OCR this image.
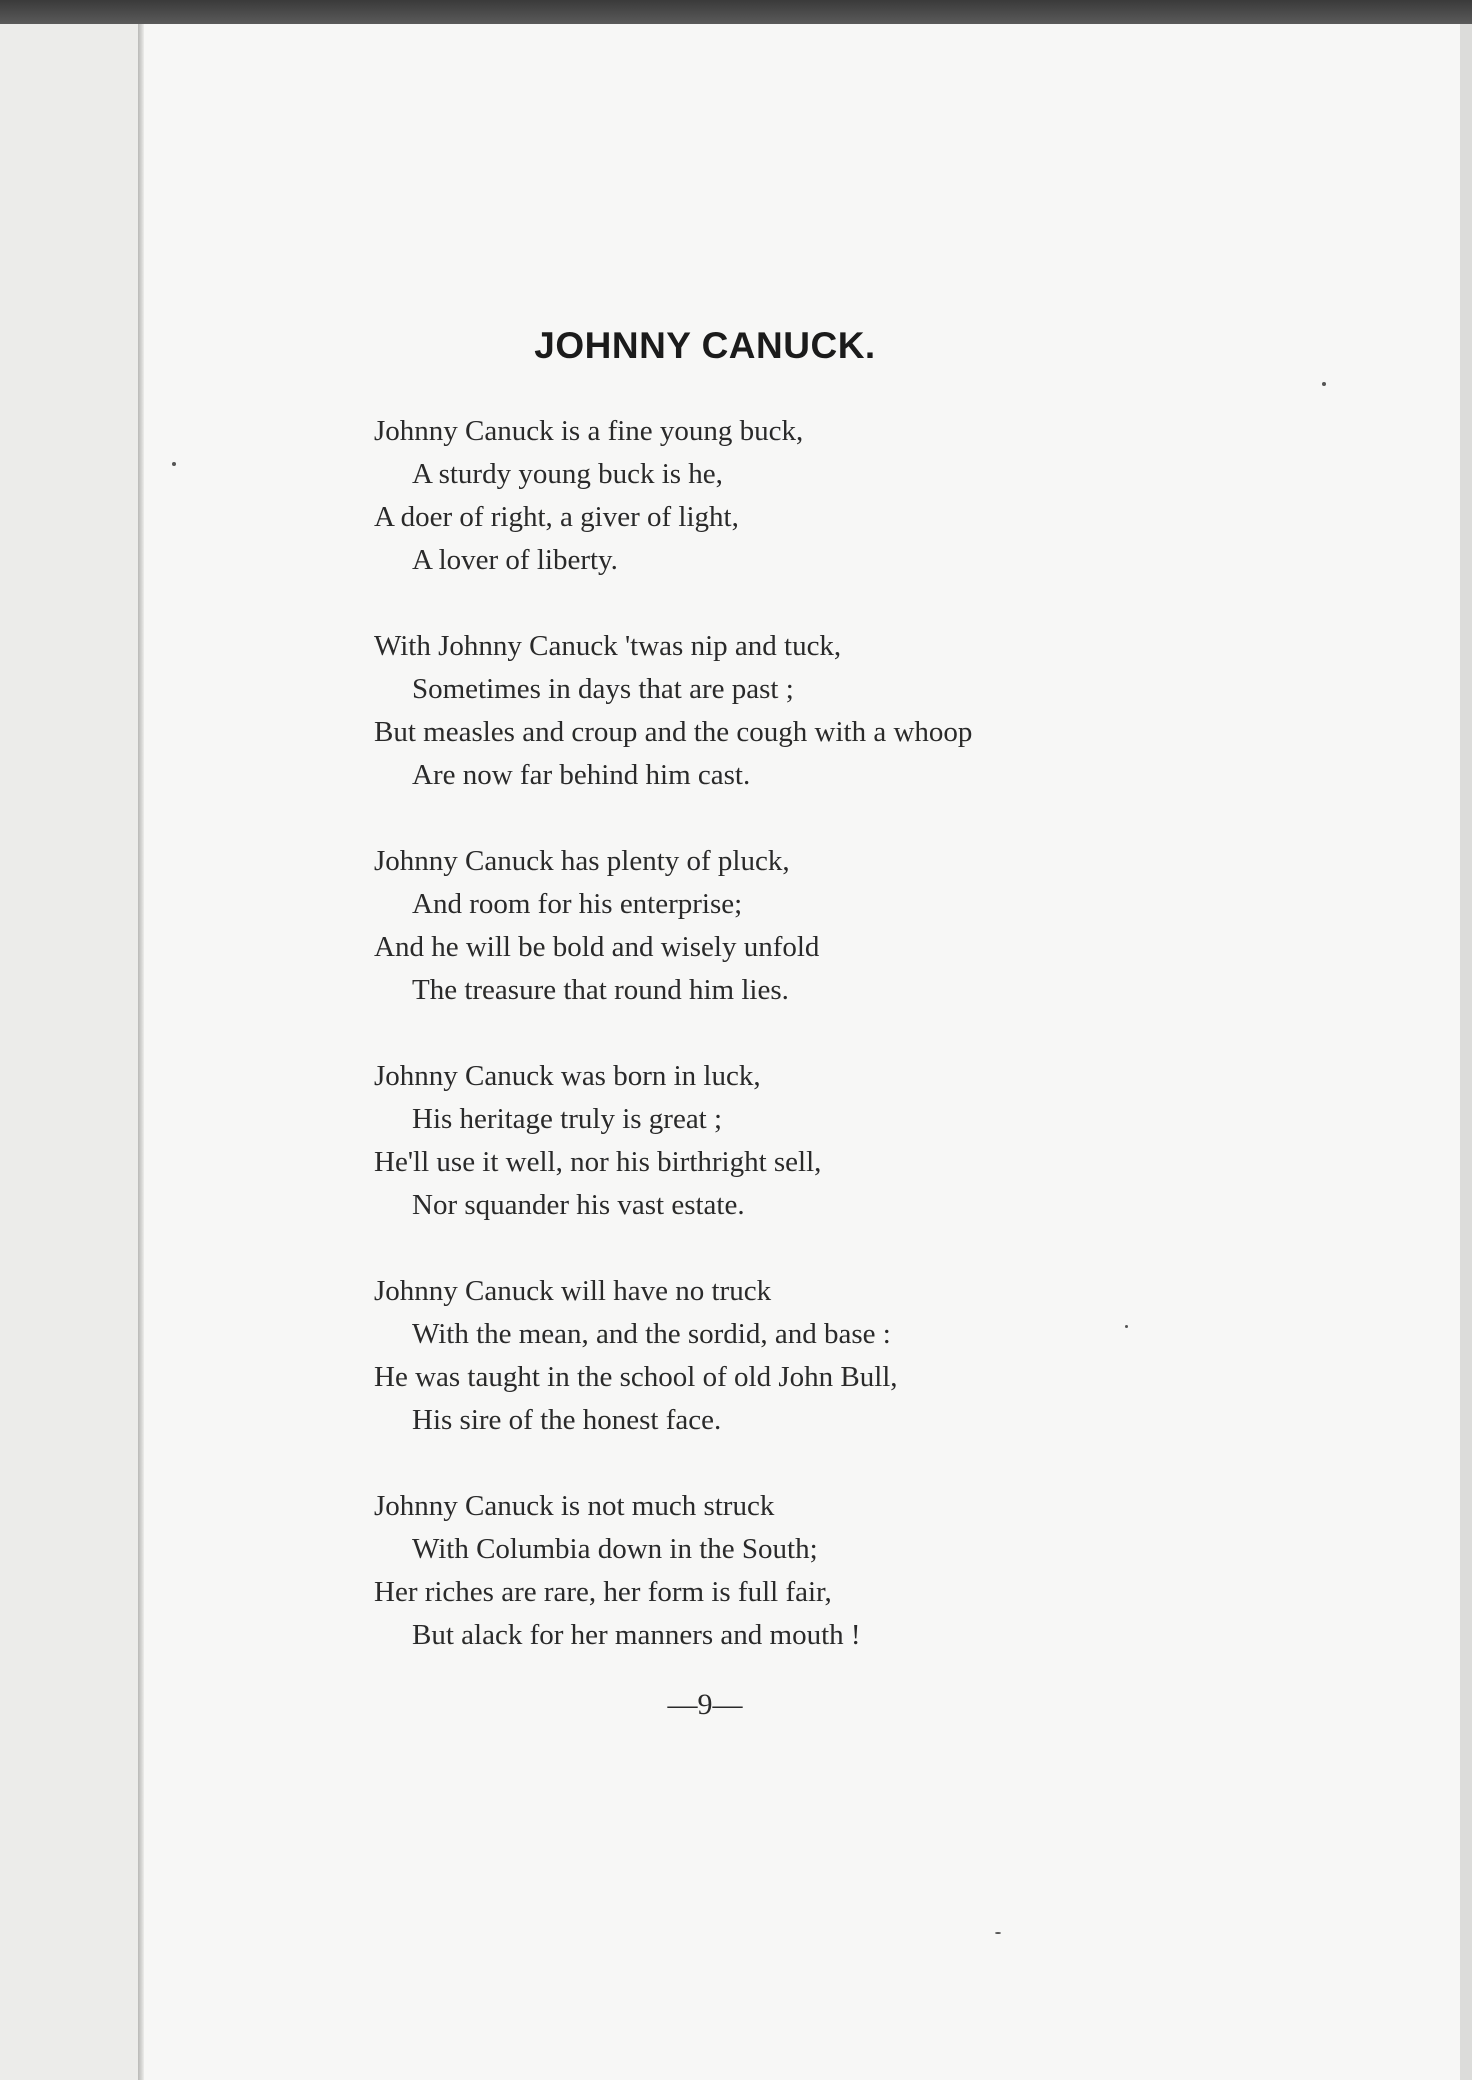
JOHNNY CANUCK.

Johnny Canuck is a fine young buck,
A sturdy young buck is he,
A doer of right, a giver of light,
A lover of liberty.

With Johnny Canuck 'twas nip and tuck,
Sometimes in days that are past ;
But measles and croup and the cough with a whoop
Are now far behind him cast.

Johnny Canuck has plenty of pluck,
And room for his enterprise;
And he will be bold and wisely unfold
The treasure that round him lies.

Johnny Canuck was born in luck,
His heritage truly is great ;
He'll use it well, nor his birthright sell,
Nor squander his vast estate.

Johnny Canuck will have no truck
With the mean, and the sordid, and base :
He was taught in the school of old John Bull,
His sire of the honest face.

Johnny Canuck is not much struck
With Columbia down in the South;
Her riches are rare, her form is full fair,
But alack for her manners and mouth !

—9—
